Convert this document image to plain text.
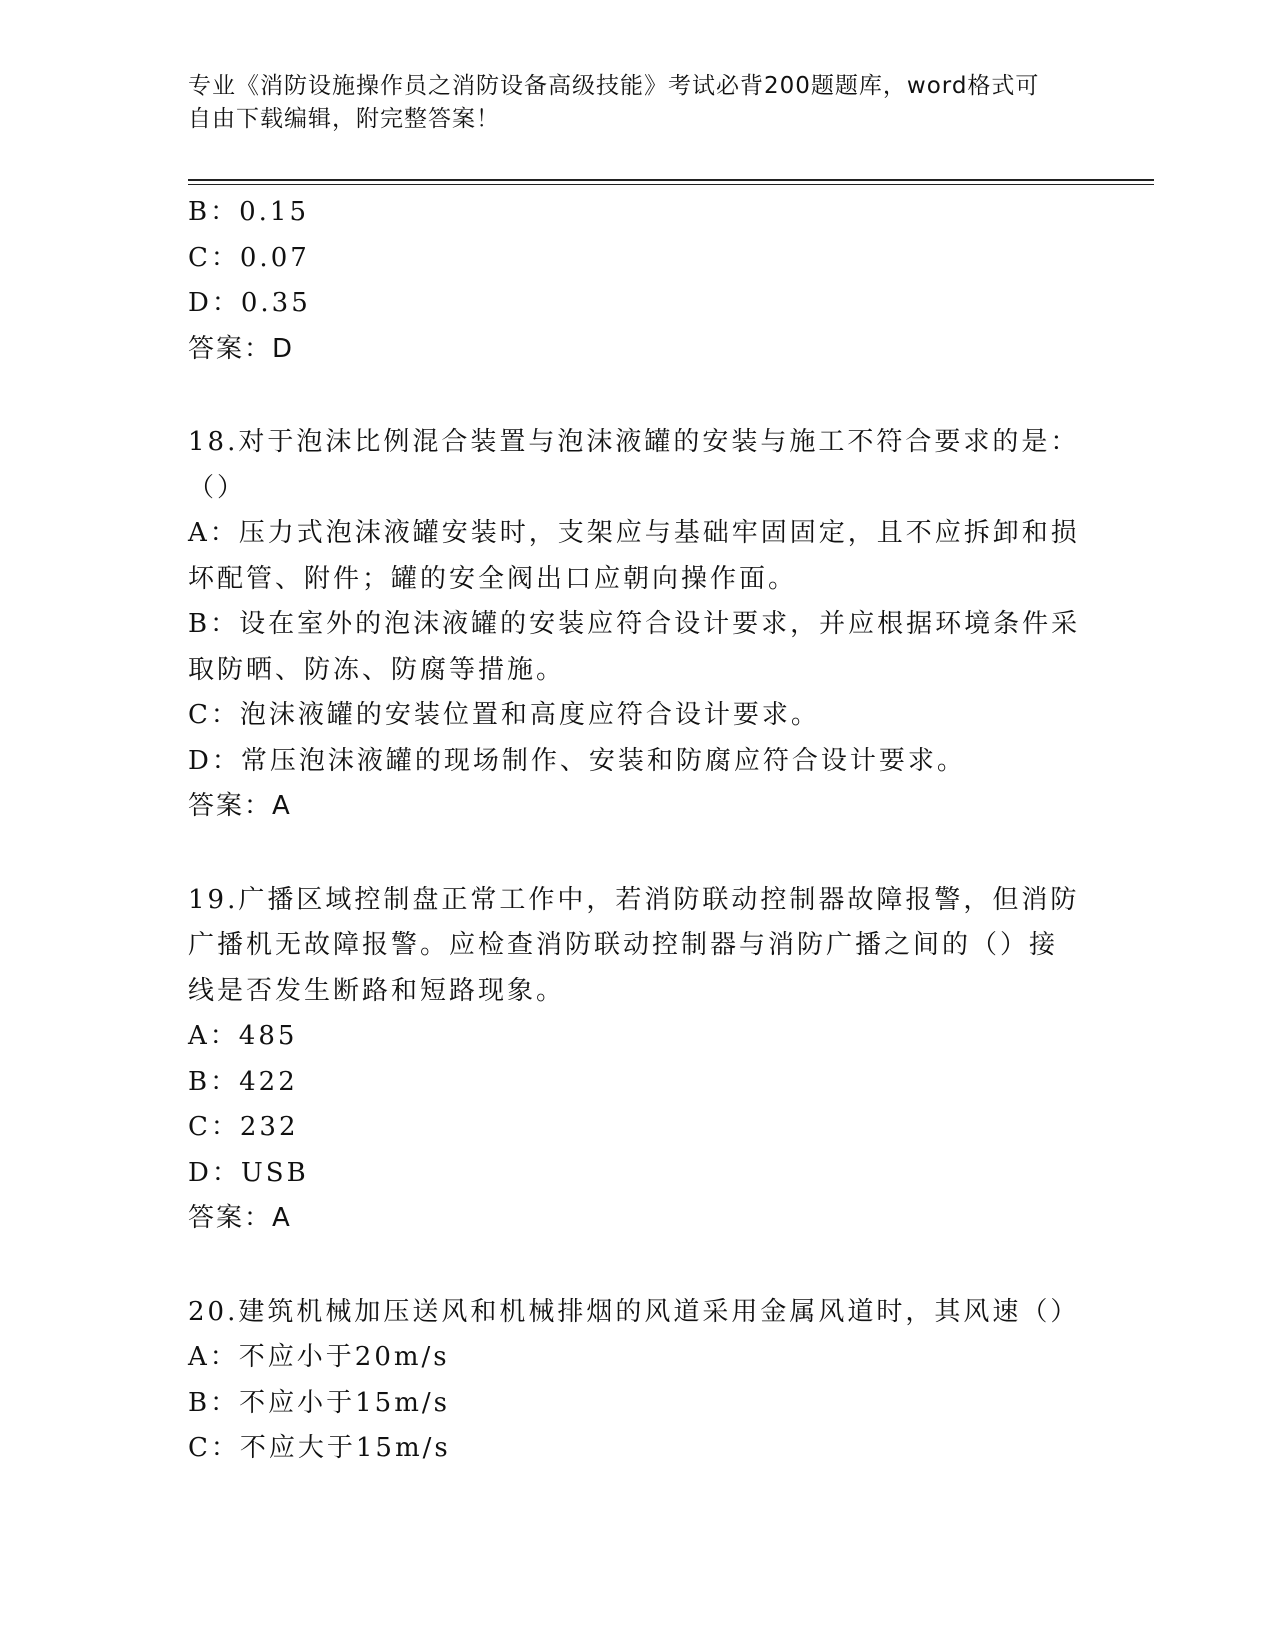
专业《消防设施操作员之消防设备高级技能》考试必背200题题库，word格式可
自由下载编辑，附完整答案！
B：0.15
C：0.07
D：0.35
答案：D
18.对于泡沫比例混合装置与泡沫液罐的安装与施工不符合要求的是：
（）
A：压力式泡沫液罐安装时，支架应与基础牢固固定，且不应拆卸和损
坏配管、附件；罐的安全阀出口应朝向操作面。
B：设在室外的泡沫液罐的安装应符合设计要求，并应根据环境条件采
取防晒、防冻、防腐等措施。
C：泡沫液罐的安装位置和高度应符合设计要求。
D：常压泡沫液罐的现场制作、安装和防腐应符合设计要求。
答案：A
19.广播区域控制盘正常工作中，若消防联动控制器故障报警，但消防
广播机无故障报警。应检查消防联动控制器与消防广播之间的（）接
线是否发生断路和短路现象。
A：485
B：422
C：232
D：USB
答案：A
20.建筑机械加压送风和机械排烟的风道采用金属风道时，其风速（）
A：不应小于20m/s
B：不应小于15m/s
C：不应大于15m/s
